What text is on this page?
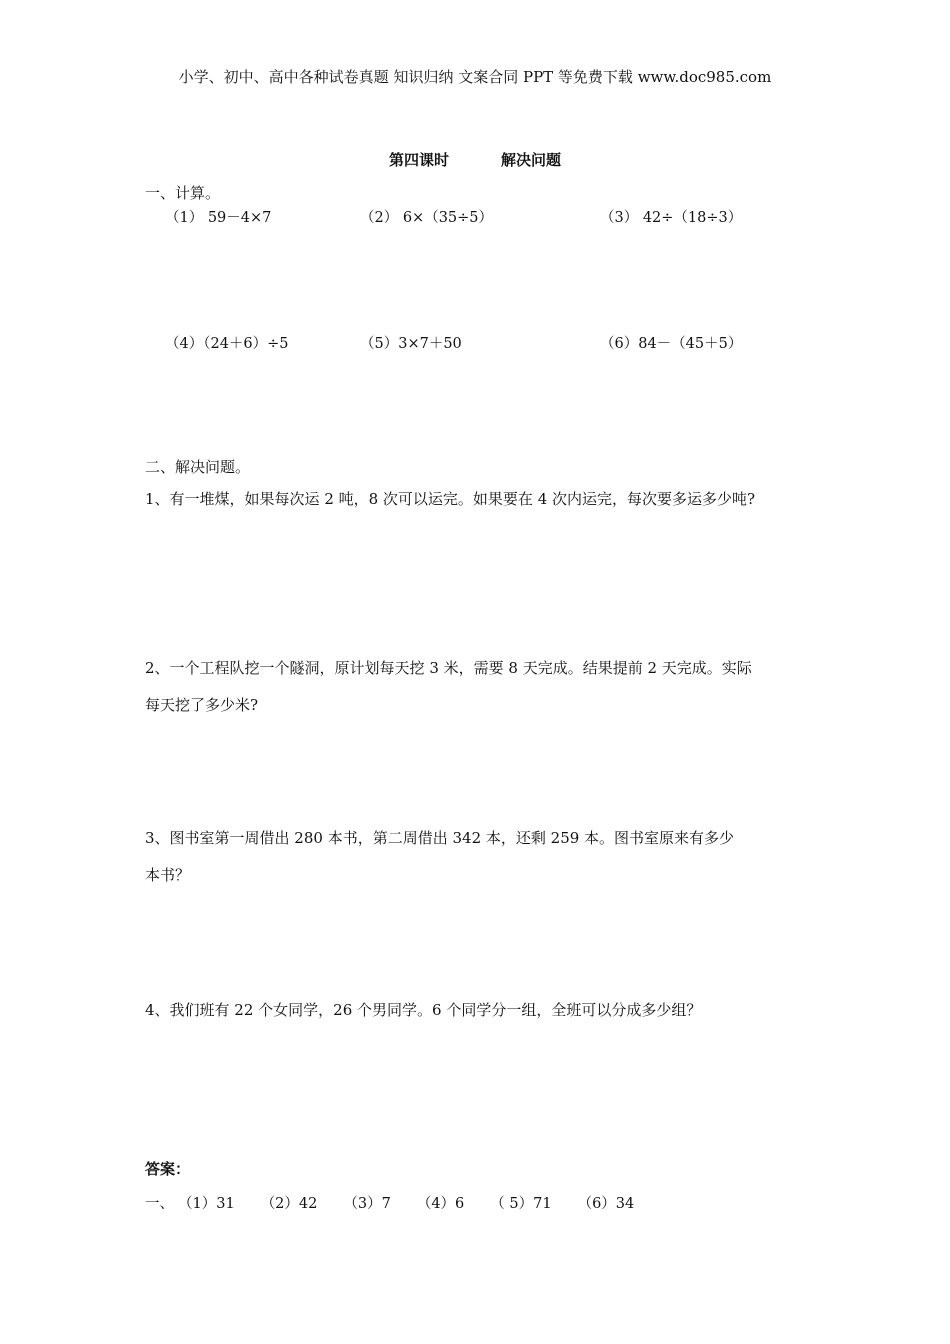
小学、初中、高中各种试卷真题 知识归纳 文案合同 PPT 等免费下载 www.doc985.com
第四课时	解决问题
一、计算。
（1） 59－4×7	（2） 6×（35÷5）	（3） 42÷（18÷3）
（4）（24＋6）÷5	（5）3×7＋50	（6）84－（45＋5）
二、解决问题。
1、有一堆煤，如果每次运 2 吨，8 次可以运完。如果要在 4 次内运完，每次要多运多少吨?
2、一个工程队挖一个隧洞，原计划每天挖 3 米，需要 8 天完成。结果提前 2 天完成。实际
每天挖了多少米?
3、图书室第一周借出 280 本书，第二周借出 342 本，还剩 259 本。图书室原来有多少
本书？
4、我们班有 22 个女同学，26 个男同学。6 个同学分一组，全班可以分成多少组？
答案：
一、 （1）31 （2）42 （3）7 （4）6 （ 5）71 （6）34
